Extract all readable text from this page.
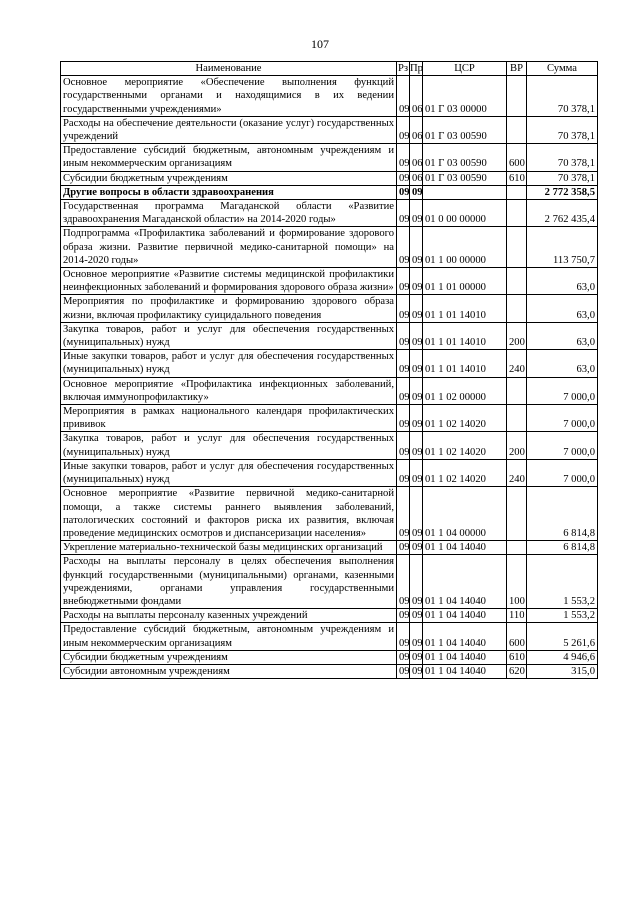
107
Наименование	Рз	Пр	ЦСР	ВР	Сумма
Основное мероприятие «Обеспечение выполнения функций государственными органами и находящимися в их ведении государственными учреждениями»	09	06	01 Г 03 00000		70 378,1
Расходы на обеспечение деятельности (оказание услуг) государственных учреждений	09	06	01 Г 03 00590		70 378,1
Предоставление субсидий бюджетным, автономным учреждениям и иным некоммерческим организациям	09	06	01 Г 03 00590	600	70 378,1
Субсидии бюджетным учреждениям	09	06	01 Г 03 00590	610	70 378,1
Другие вопросы в области здравоохранения	09	09			2 772 358,5
Государственная программа Магаданской области «Развитие здравоохранения Магаданской области» на 2014-2020 годы»	09	09	01 0 00 00000		2 762 435,4
Подпрограмма «Профилактика заболеваний и формирование здорового образа жизни. Развитие первичной медико-санитарной помощи» на 2014-2020 годы»	09	09	01 1 00 00000		113 750,7
Основное мероприятие «Развитие системы медицинской профилактики неинфекционных заболеваний и формирования здорового образа жизни»	09	09	01 1 01 00000		63,0
Мероприятия по профилактике и формированию здорового образа жизни, включая профилактику суицидального поведения	09	09	01 1 01 14010		63,0
Закупка товаров, работ и услуг для обеспечения государственных (муниципальных) нужд	09	09	01 1 01 14010	200	63,0
Иные закупки товаров, работ и услуг для обеспечения государственных (муниципальных) нужд	09	09	01 1 01 14010	240	63,0
Основное мероприятие «Профилактика инфекционных заболеваний, включая иммунопрофилактику»	09	09	01 1 02 00000		7 000,0
Мероприятия в рамках национального календаря профилактических прививок	09	09	01 1 02 14020		7 000,0
Закупка товаров, работ и услуг для обеспечения государственных (муниципальных) нужд	09	09	01 1 02 14020	200	7 000,0
Иные закупки товаров, работ и услуг для обеспечения государственных (муниципальных) нужд	09	09	01 1 02 14020	240	7 000,0
Основное мероприятие «Развитие первичной медико-санитарной помощи, а также системы раннего выявления заболеваний, патологических состояний и факторов риска их развития, включая проведение медицинских осмотров и диспансеризации населения»	09	09	01 1 04 00000		6 814,8
Укрепление материально-технической базы медицинских организаций	09	09	01 1 04 14040		6 814,8
Расходы на выплаты персоналу в целях обеспечения выполнения функций государственными (муниципальными) органами, казенными учреждениями, органами управления государственными внебюджетными фондами	09	09	01 1 04 14040	100	1 553,2
Расходы на выплаты персоналу казенных учреждений	09	09	01 1 04 14040	110	1 553,2
Предоставление субсидий бюджетным, автономным учреждениям и иным некоммерческим организациям	09	09	01 1 04 14040	600	5 261,6
Субсидии бюджетным учреждениям	09	09	01 1 04 14040	610	4 946,6
Субсидии автономным учреждениям	09	09	01 1 04 14040	620	315,0
